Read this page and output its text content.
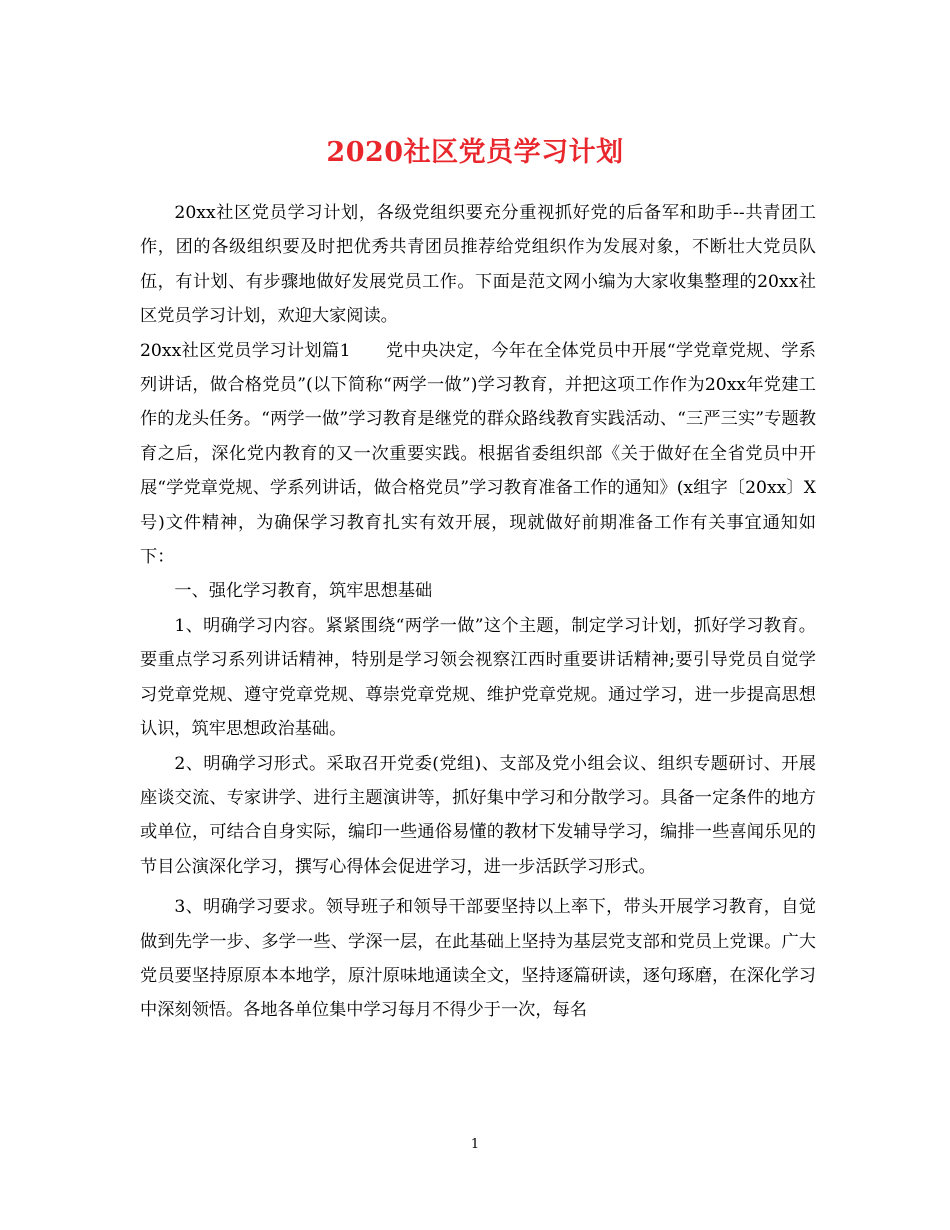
2020社区党员学习计划

20xx社区党员学习计划，各级党组织要充分重视抓好党的后备军和助手--共青团工作，团的各级组织要及时把优秀共青团员推荐给党组织作为发展对象，不断壮大党员队伍，有计划、有步骤地做好发展党员工作。下面是范文网小编为大家收集整理的20xx社区党员学习计划，欢迎大家阅读。

20xx社区党员学习计划篇1　　党中央决定，今年在全体党员中开展“学党章党规、学系列讲话，做合格党员”(以下简称“两学一做”)学习教育，并把这项工作作为20xx年党建工作的龙头任务。“两学一做”学习教育是继党的群众路线教育实践活动、“三严三实”专题教育之后，深化党内教育的又一次重要实践。根据省委组织部《关于做好在全省党员中开展“学党章党规、学系列讲话，做合格党员”学习教育准备工作的通知》(x组字〔20xx〕X号)文件精神，为确保学习教育扎实有效开展，现就做好前期准备工作有关事宜通知如下：

一、强化学习教育，筑牢思想基础

1、明确学习内容。紧紧围绕“两学一做”这个主题，制定学习计划，抓好学习教育。要重点学习系列讲话精神，特别是学习领会视察江西时重要讲话精神;要引导党员自觉学习党章党规、遵守党章党规、尊崇党章党规、维护党章党规。通过学习，进一步提高思想认识，筑牢思想政治基础。

2、明确学习形式。采取召开党委(党组)、支部及党小组会议、组织专题研讨、开展座谈交流、专家讲学、进行主题演讲等，抓好集中学习和分散学习。具备一定条件的地方或单位，可结合自身实际，编印一些通俗易懂的教材下发辅导学习，编排一些喜闻乐见的节目公演深化学习，撰写心得体会促进学习，进一步活跃学习形式。

3、明确学习要求。领导班子和领导干部要坚持以上率下，带头开展学习教育，自觉做到先学一步、多学一些、学深一层，在此基础上坚持为基层党支部和党员上党课。广大党员要坚持原原本本地学，原汁原味地通读全文，坚持逐篇研读，逐句琢磨，在深化学习中深刻领悟。各地各单位集中学习每月不得少于一次，每名

1
